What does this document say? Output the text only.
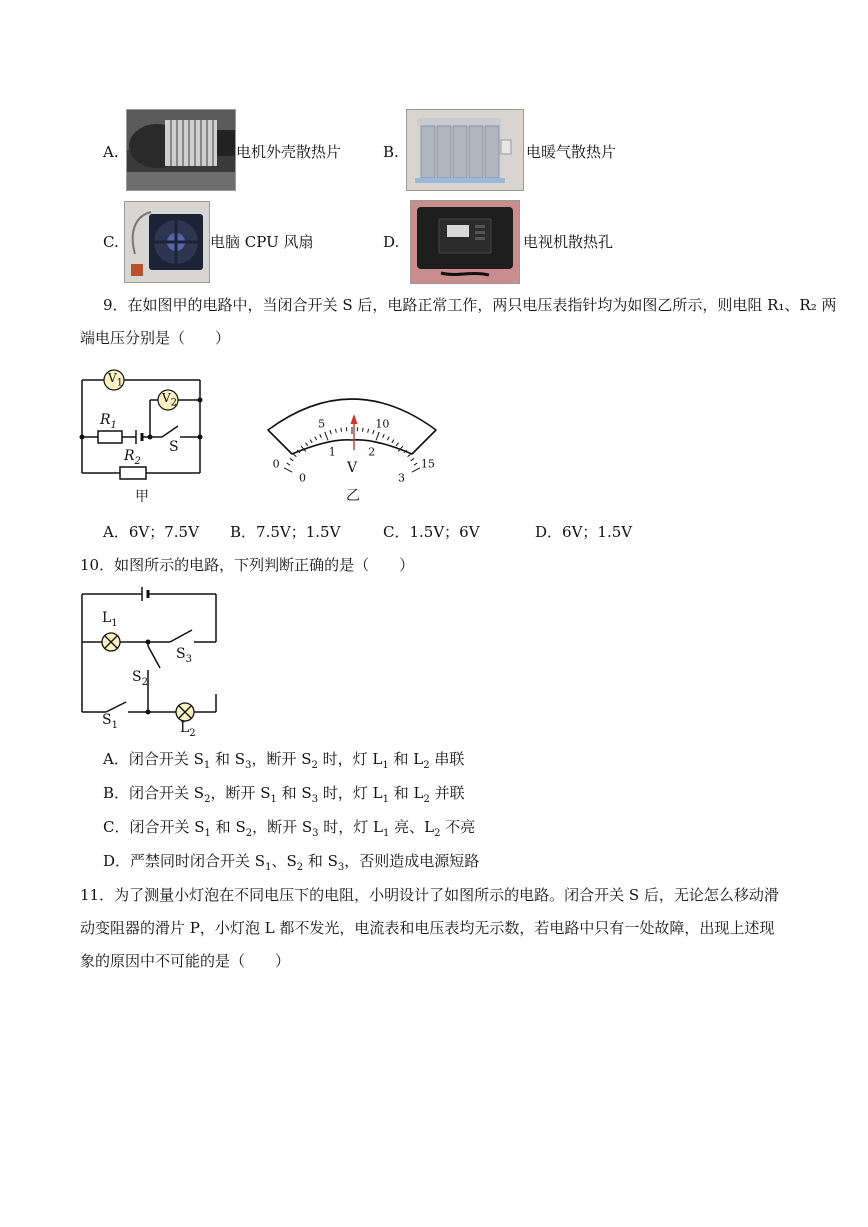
A.	电机外壳散热片	B.	电暖气散热片
C.	电脑 CPU 风扇	D.	电视机散热孔
9．在如图甲的电路中，当闭合开关 S 后，电路正常工作，两只电压表指针均为如图乙所示，则电阻 R₁、R₂ 两
端电压分别是（　　）
$V_1$
$V_2$
$R_1$
$R_2$
S
甲
0
5	10
15
0
1	2
3
V
乙
A．6V；7.5V B．7.5V；1.5V	C．1.5V；6V	D．6V；1.5V
10．如图所示的电路，下列判断正确的是（　　）
$L_1$
$S_3$
$S_2$
$S_1$	$L_2$
A．闭合开关 $S_1$ 和 $S_3$，断开 $S_2$ 时，灯 $L_1$ 和 $L_2$ 串联
B．闭合开关 $S_2$，断开 $S_1$ 和 $S_3$ 时，灯 $L_1$ 和 $L_2$ 并联
C．闭合开关 $S_1$ 和 $S_2$，断开 $S_3$ 时，灯 $L_1$ 亮、$L_2$ 不亮
D．严禁同时闭合开关 $S_1$、$S_2$ 和 $S_3$，否则造成电源短路
11．为了测量小灯泡在不同电压下的电阻，小明设计了如图所示的电路。闭合开关 S 后，无论怎么移动滑
动变阻器的滑片 P，小灯泡 L 都不发光，电流表和电压表均无示数，若电路中只有一处故障，出现上述现
象的原因中不可能的是（　　）
